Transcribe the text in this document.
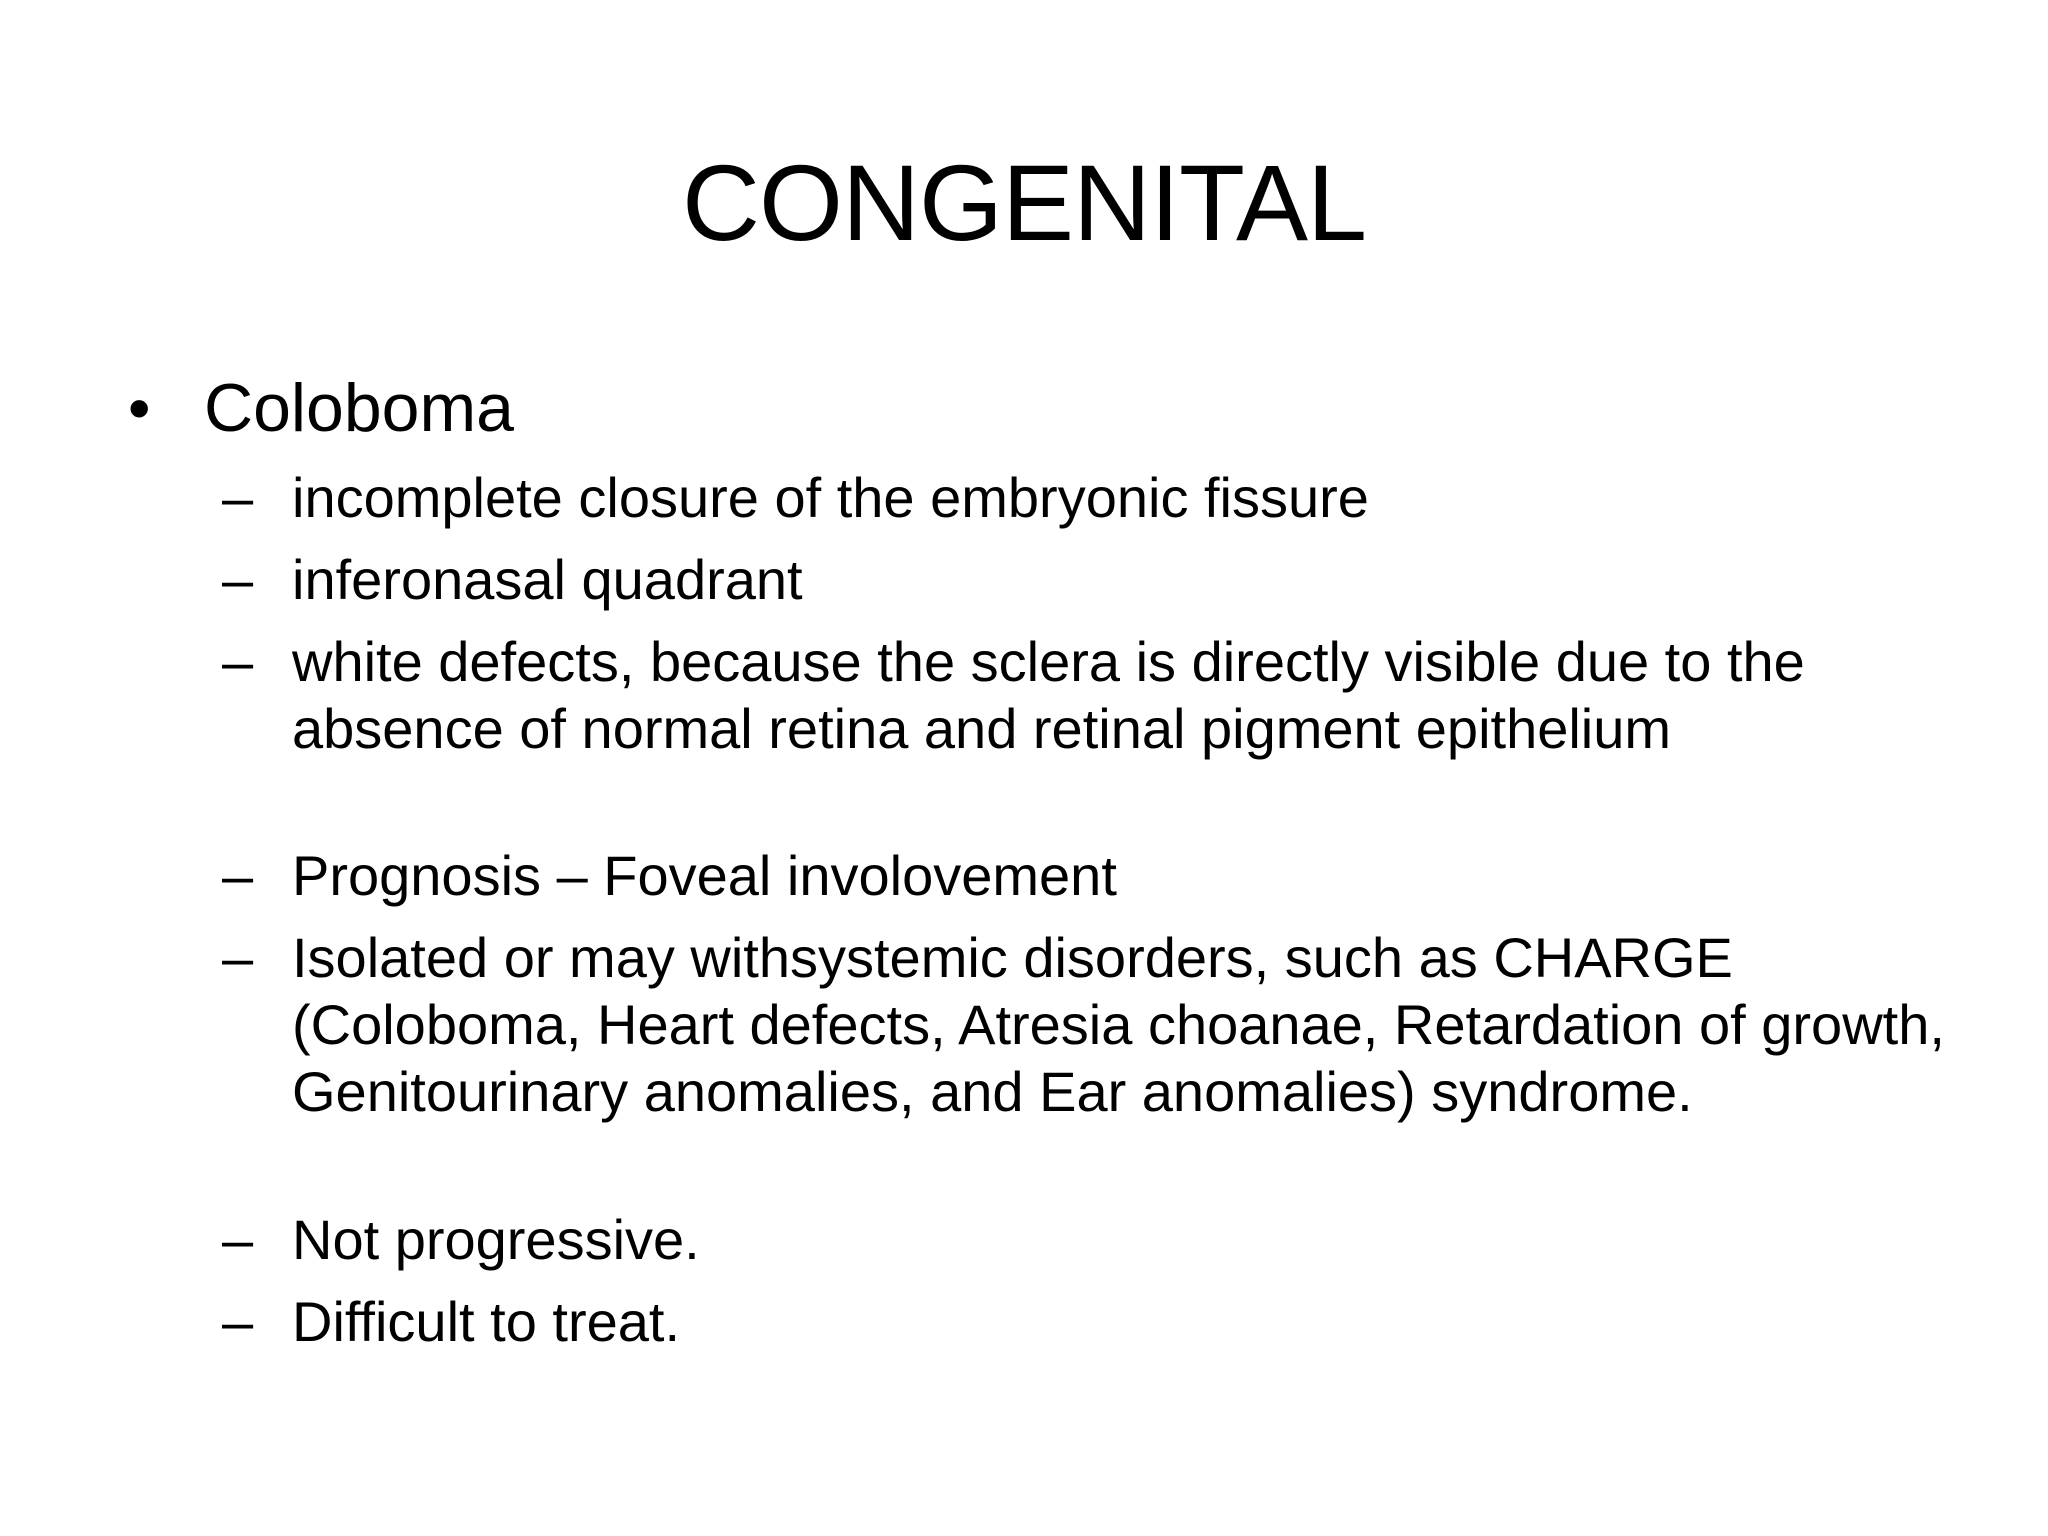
CONGENITAL
• Coloboma
– incomplete closure of the embryonic fissure
– inferonasal quadrant
– white defects, because the sclera is directly visible due to the absence of normal retina and retinal pigment epithelium
– Prognosis – Foveal involovement
– Isolated or may withsystemic disorders, such as CHARGE (Coloboma, Heart defects, Atresia choanae, Retardation of growth, Genitourinary anomalies, and Ear anomalies) syndrome.
– Not progressive.
– Difficult to treat.
